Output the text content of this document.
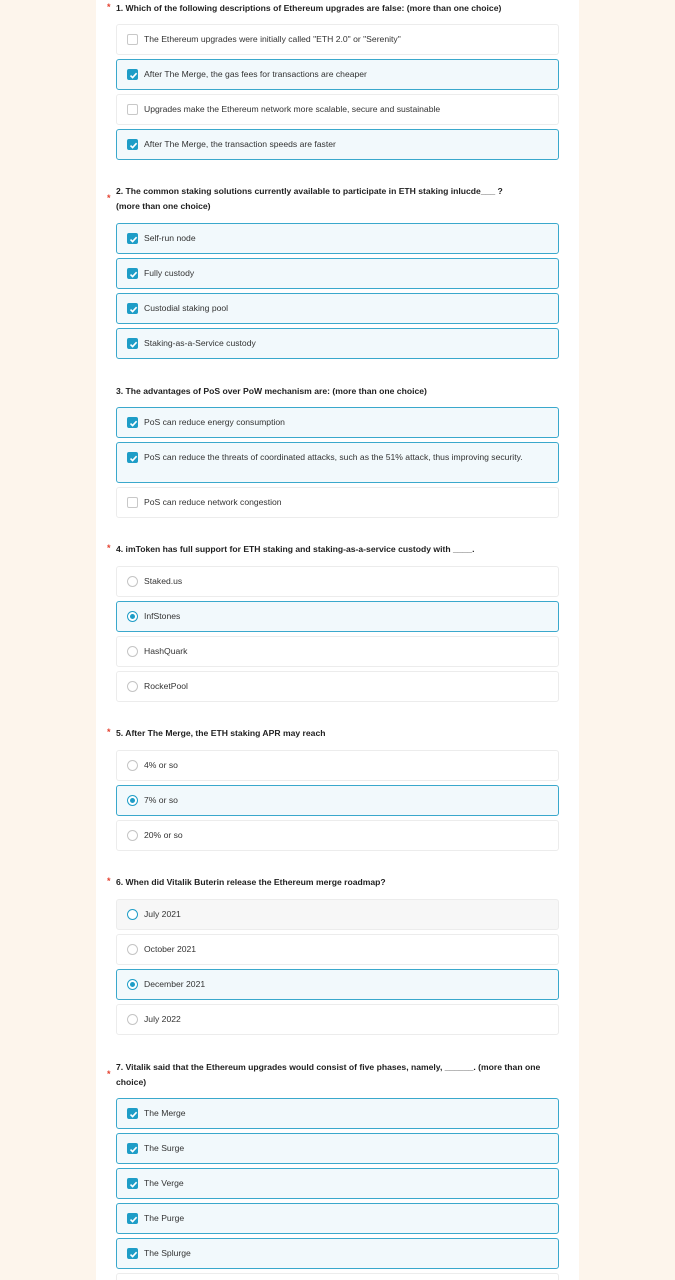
* 1. Which of the following descriptions of Ethereum upgrades are false: (more than one choice)
The Ethereum upgrades were initially called "ETH 2.0" or "Serenity"
After The Merge, the gas fees for transactions are cheaper
Upgrades make the Ethereum network more scalable, secure and sustainable
After The Merge, the transaction speeds are faster
*
2. The common staking solutions currently available to participate in ETH staking inlucde___ ? (more than one choice)
Self-run node
Fully custody
Custodial staking pool
Staking-as-a-Service custody
3. The advantages of PoS over PoW mechanism are: (more than one choice)
PoS can reduce energy consumption
PoS can reduce the threats of coordinated attacks, such as the 51% attack, thus improving security.
PoS can reduce network congestion
* 4. imToken has full support for ETH staking and staking-as-a-service custody with ____.
Staked.us
InfStones
HashQuark
RocketPool
* 5. After The Merge, the ETH staking APR may reach
4% or so
7% or so
20% or so
* 6. When did Vitalik Buterin release the Ethereum merge roadmap?
July 2021
October 2021
December 2021
July 2022
*
7. Vitalik said that the Ethereum upgrades would consist of five phases, namely, ______. (more than one choice)
The Merge
The Surge
The Verge
The Purge
The Splurge
